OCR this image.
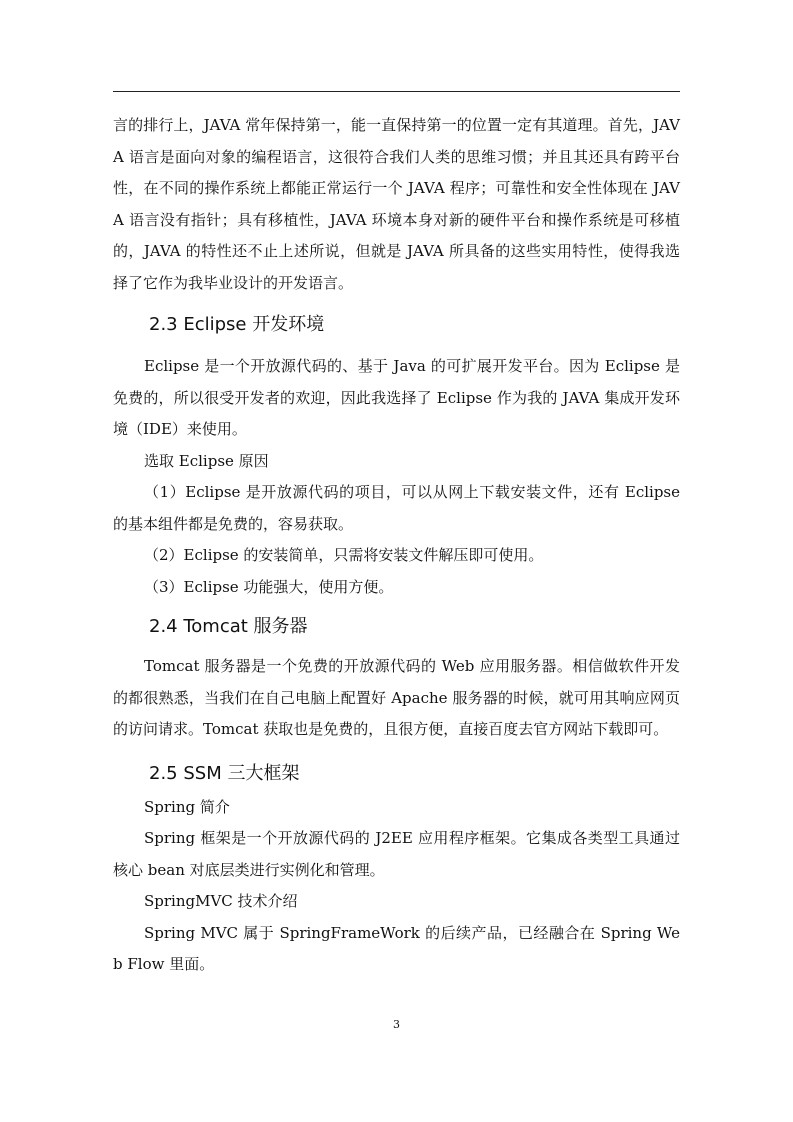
言的排行上，JAVA 常年保持第一，能一直保持第一的位置一定有其道理。首先，JAVA 语言是面向对象的编程语言，这很符合我们人类的思维习惯；并且其还具有跨平台性，在不同的操作系统上都能正常运行一个 JAVA 程序；可靠性和安全性体现在 JAVA 语言没有指针；具有移植性，JAVA 环境本身对新的硬件平台和操作系统是可移植的，JAVA 的特性还不止上述所说，但就是 JAVA 所具备的这些实用特性，使得我选择了它作为我毕业设计的开发语言。

2.3 Eclipse 开发环境

Eclipse 是一个开放源代码的、基于 Java 的可扩展开发平台。因为 Eclipse 是免费的，所以很受开发者的欢迎，因此我选择了 Eclipse 作为我的 JAVA 集成开发环境（IDE）来使用。

选取 Eclipse 原因

（1）Eclipse 是开放源代码的项目，可以从网上下载安装文件，还有 Eclipse 的基本组件都是免费的，容易获取。

（2）Eclipse 的安装简单，只需将安装文件解压即可使用。

（3）Eclipse 功能强大，使用方便。

2.4 Tomcat 服务器

Tomcat 服务器是一个免费的开放源代码的 Web 应用服务器。相信做软件开发的都很熟悉，当我们在自己电脑上配置好 Apache 服务器的时候，就可用其响应网页的访问请求。Tomcat 获取也是免费的，且很方便，直接百度去官方网站下载即可。

2.5 SSM 三大框架

Spring 简介

Spring 框架是一个开放源代码的 J2EE 应用程序框架。它集成各类型工具通过核心 bean 对底层类进行实例化和管理。

SpringMVC 技术介绍

Spring MVC 属于 SpringFrameWork 的后续产品，已经融合在 Spring Web Flow 里面。

3
